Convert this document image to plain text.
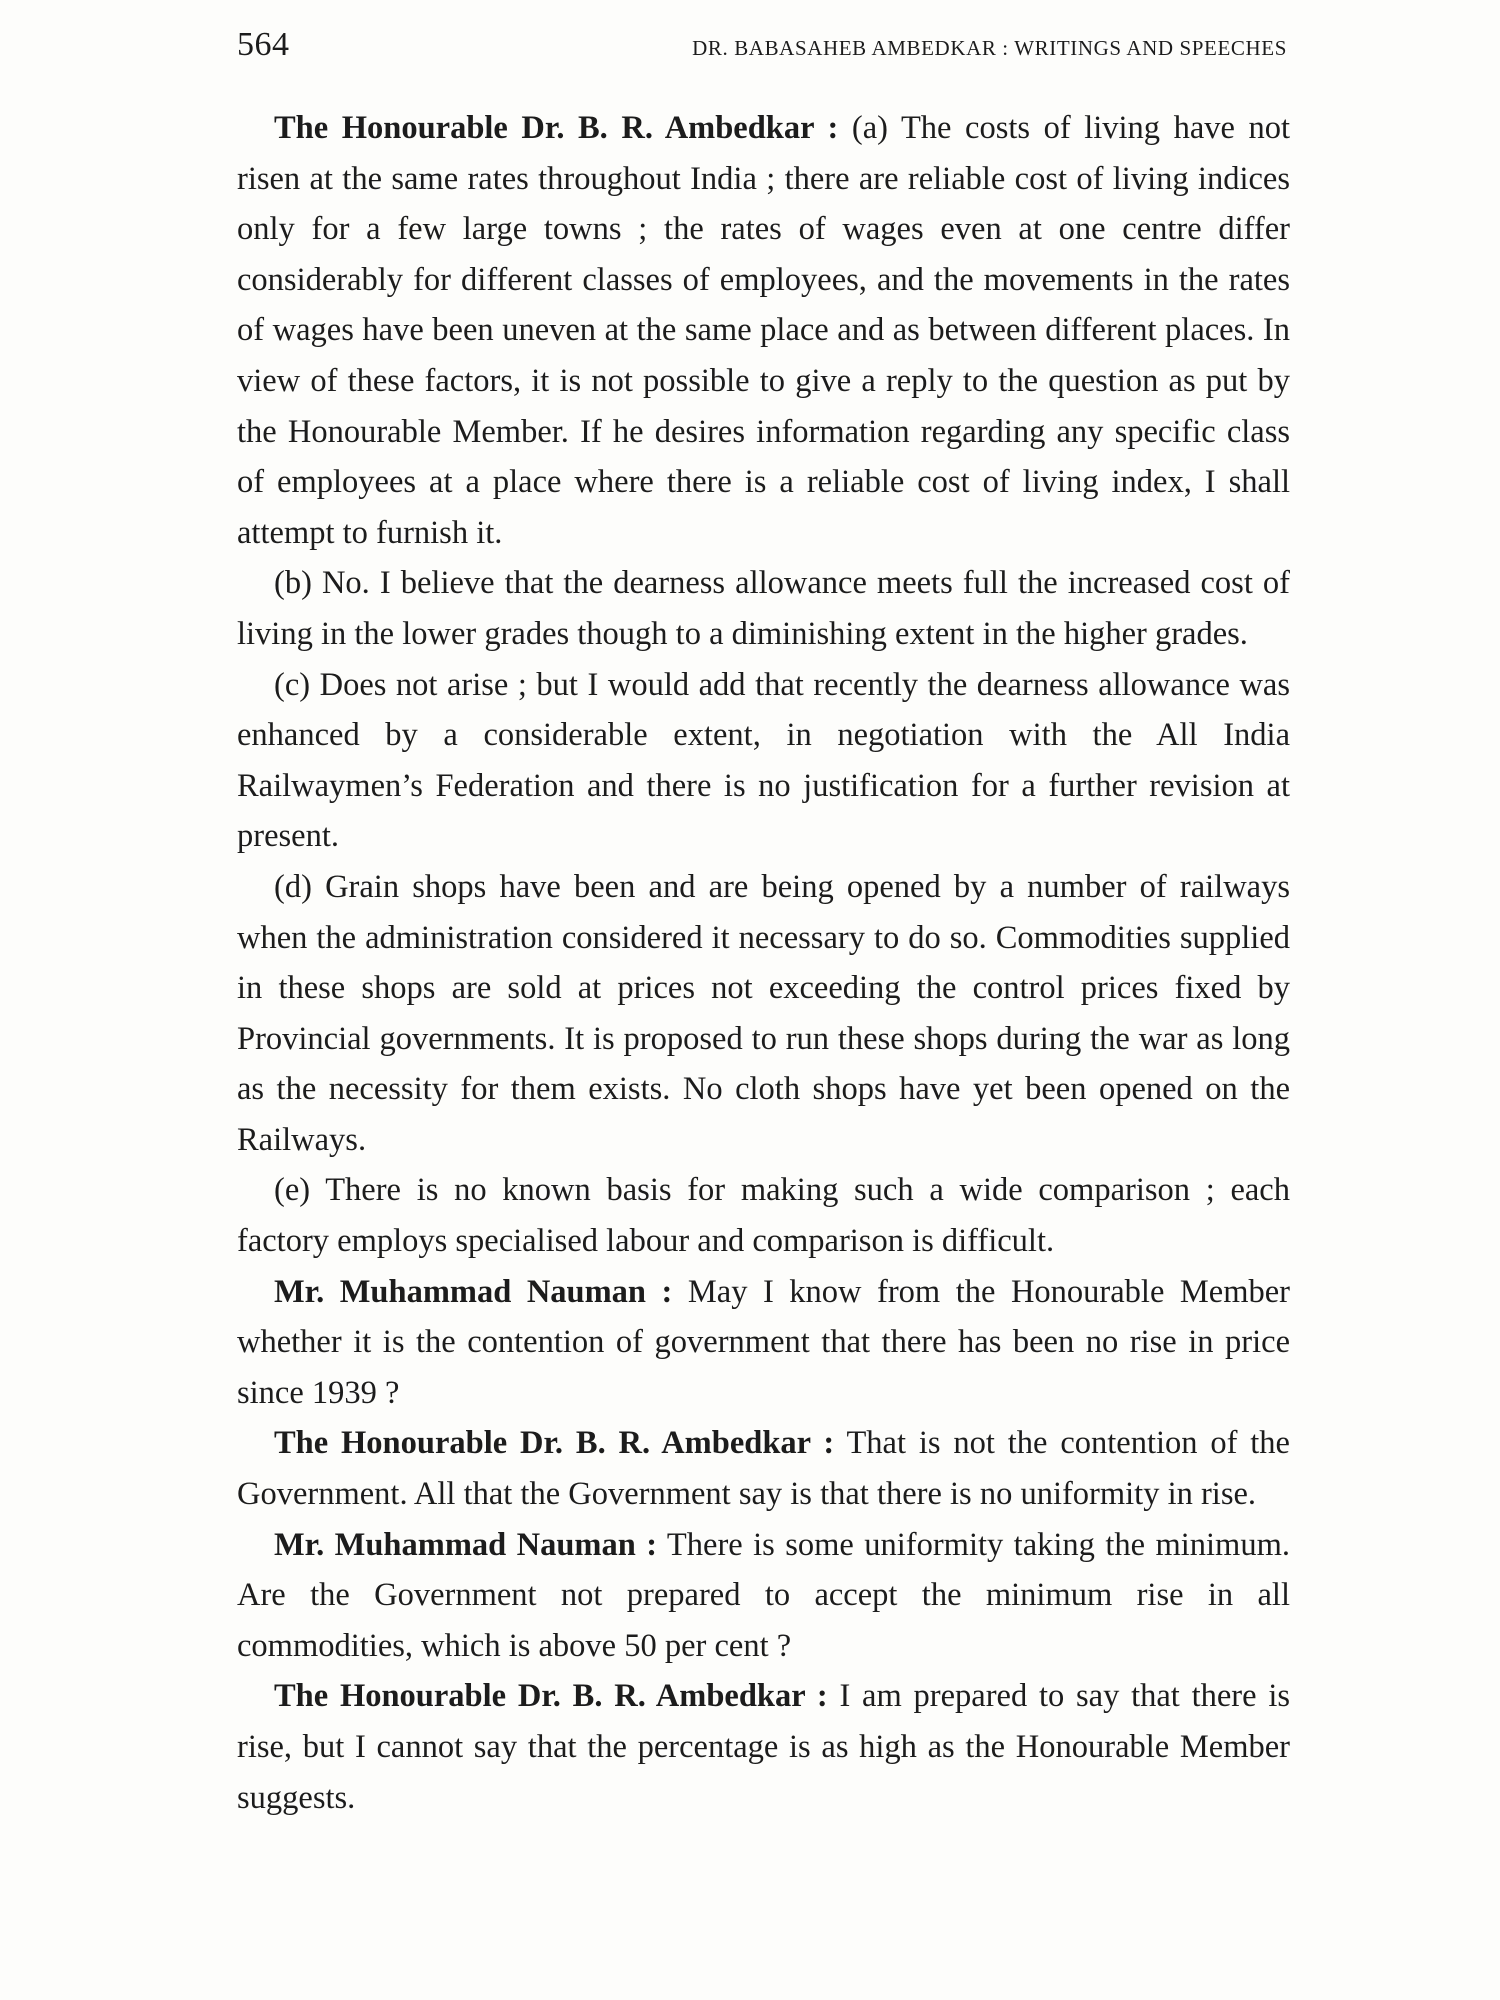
564	DR. BABASAHEB AMBEDKAR : WRITINGS AND SPEECHES

The Honourable Dr. B. R. Ambedkar : (a) The costs of living have not risen at the same rates throughout India ; there are reliable cost of living indices only for a few large towns ; the rates of wages even at one centre differ considerably for different classes of employees, and the movements in the rates of wages have been uneven at the same place and as between different places. In view of these factors, it is not possible to give a reply to the question as put by the Honourable Member. If he desires information regarding any specific class of employees at a place where there is a reliable cost of living index, I shall attempt to furnish it.

(b) No. I believe that the dearness allowance meets full the increased cost of living in the lower grades though to a diminishing extent in the higher grades.

(c) Does not arise ; but I would add that recently the dearness allowance was enhanced by a considerable extent, in negotiation with the All India Railwaymen’s Federation and there is no justification for a further revision at present.

(d) Grain shops have been and are being opened by a number of railways when the administration considered it necessary to do so. Commodities supplied in these shops are sold at prices not exceeding the control prices fixed by Provincial governments. It is proposed to run these shops during the war as long as the necessity for them exists. No cloth shops have yet been opened on the Railways.

(e) There is no known basis for making such a wide comparison ; each factory employs specialised labour and comparison is difficult.

Mr. Muhammad Nauman : May I know from the Honourable Member whether it is the contention of government that there has been no rise in price since 1939 ?

The Honourable Dr. B. R. Ambedkar : That is not the contention of the Government. All that the Government say is that there is no uniformity in rise.

Mr. Muhammad Nauman : There is some uniformity taking the minimum. Are the Government not prepared to accept the minimum rise in all commodities, which is above 50 per cent ?

The Honourable Dr. B. R. Ambedkar : I am prepared to say that there is rise, but I cannot say that the percentage is as high as the Honourable Member suggests.
